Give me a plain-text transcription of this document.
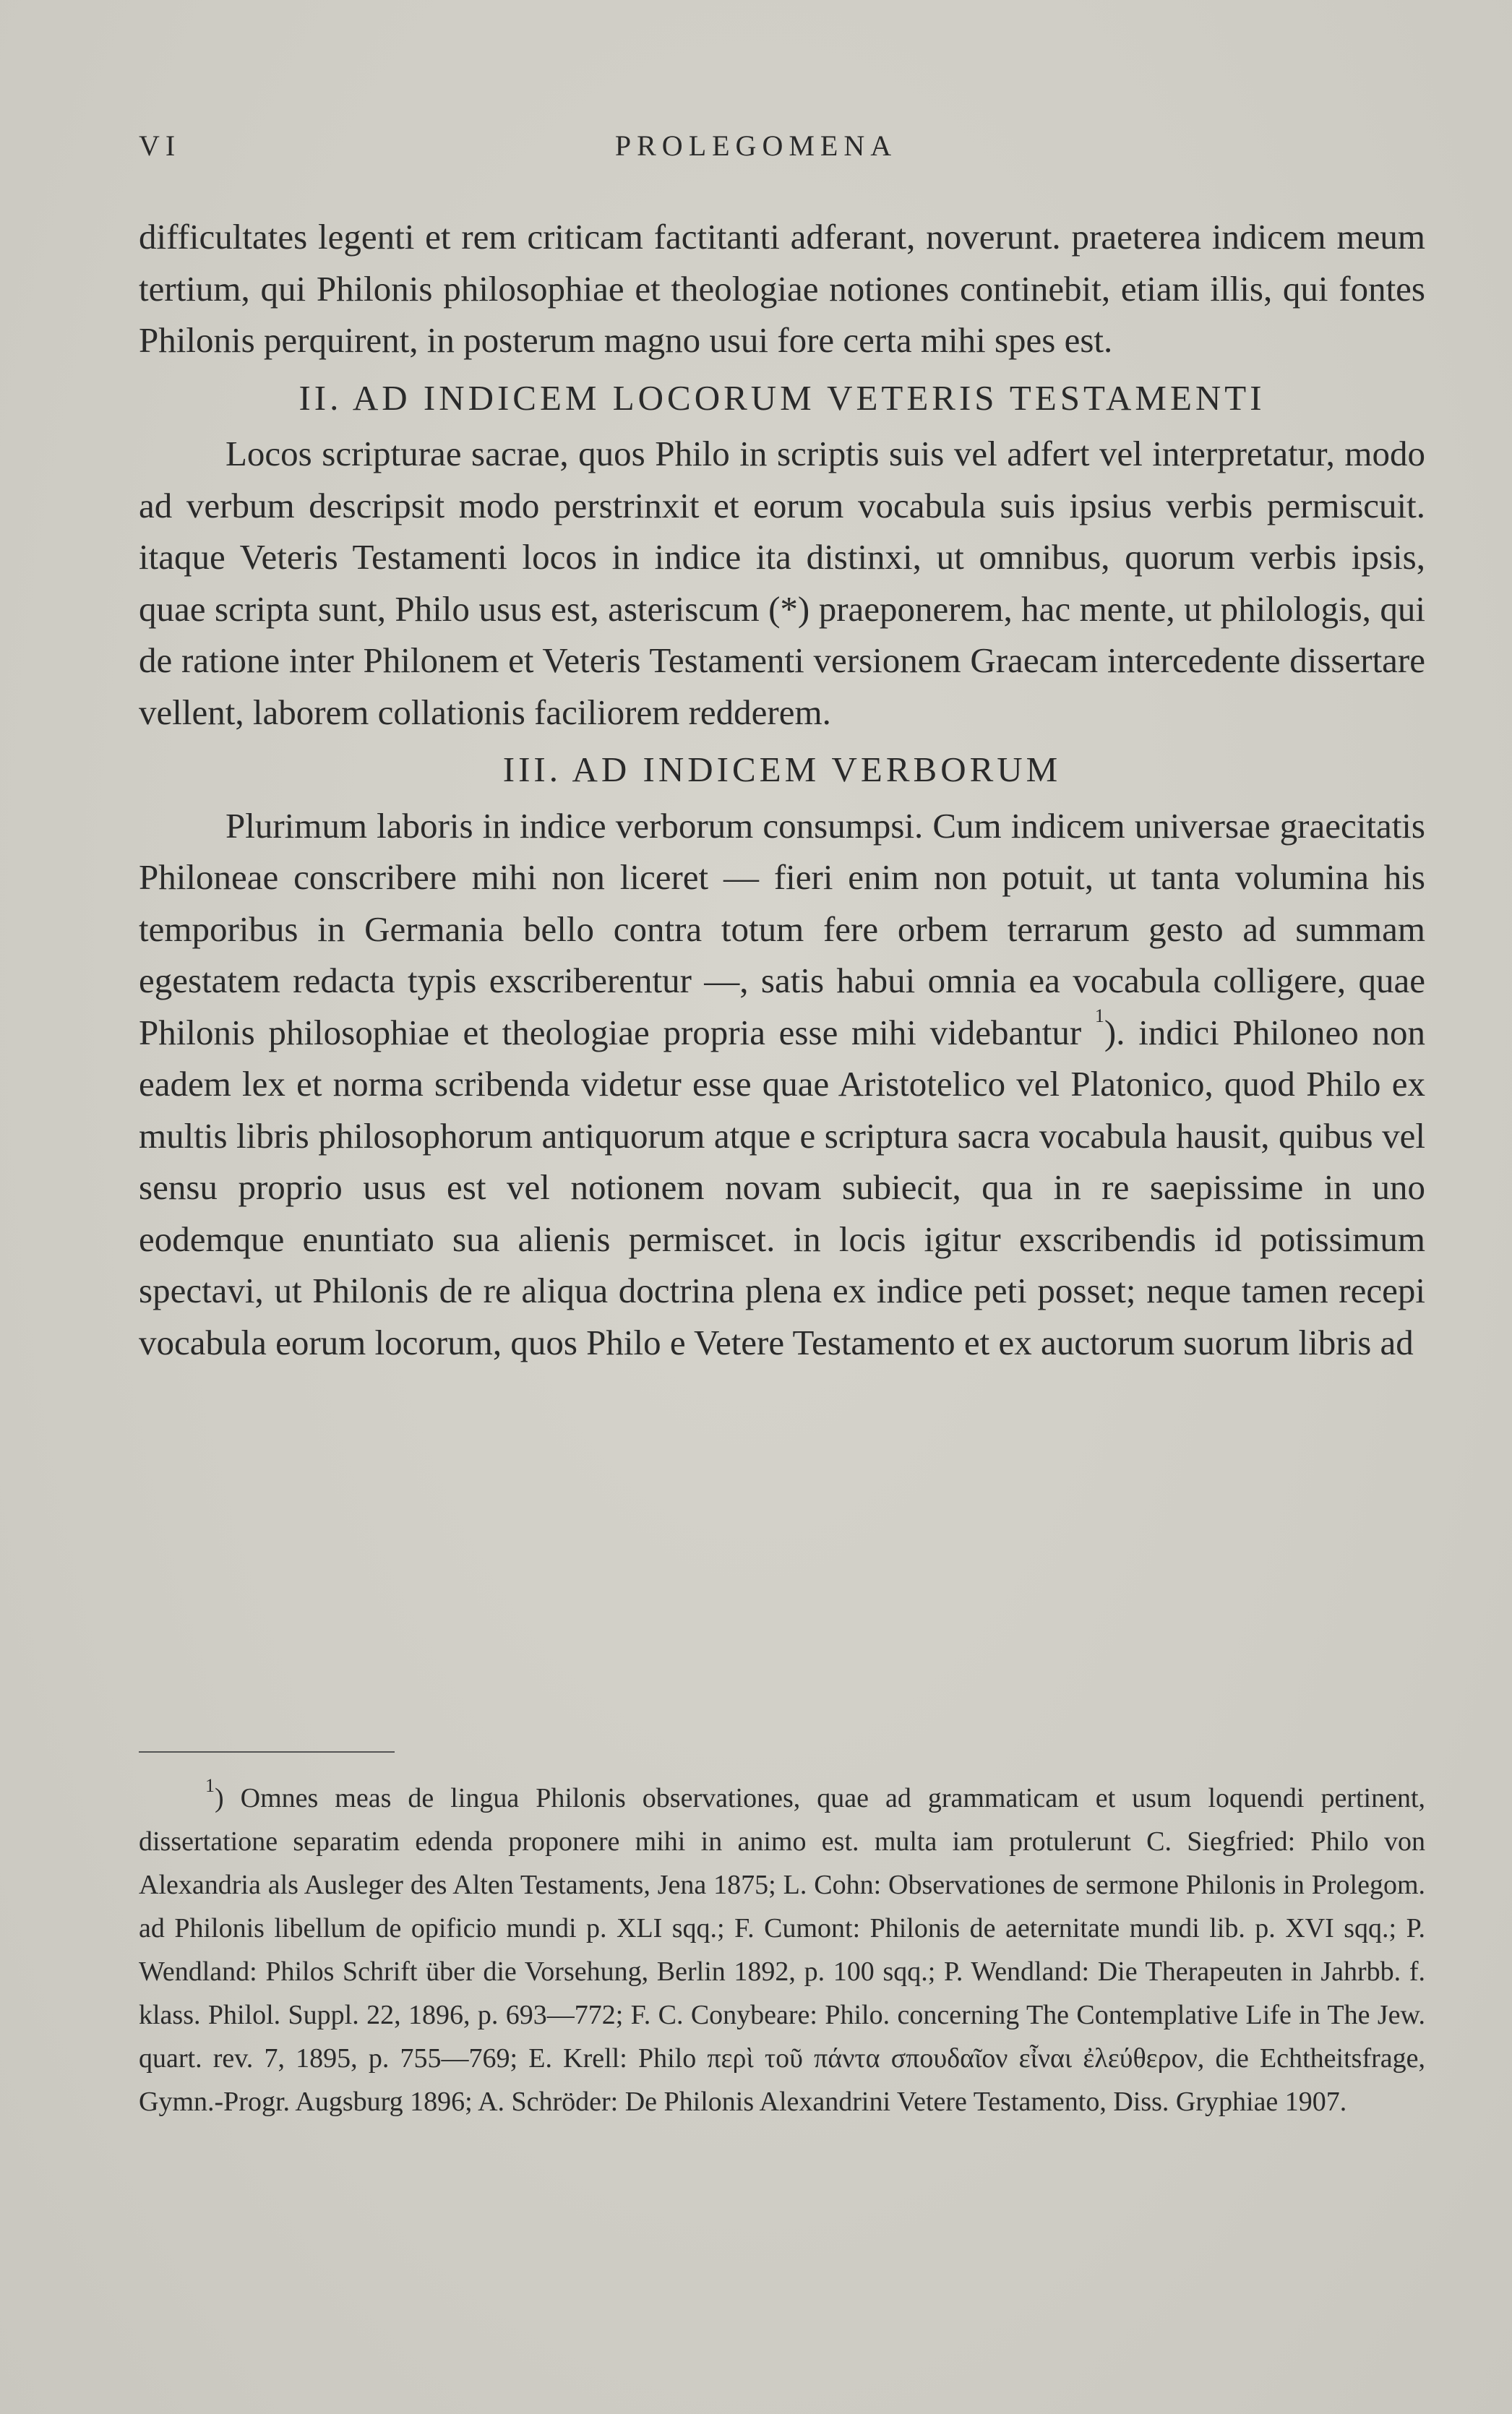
VI	PROLEGOMENA

difficultates legenti et rem criticam factitanti adferant, noverunt. praeterea indicem meum tertium, qui Philonis philosophiae et theologiae notiones continebit, etiam illis, qui fontes Philonis perquirent, in posterum magno usui fore certa mihi spes est.

II. AD INDICEM LOCORUM VETERIS TESTAMENTI

Locos scripturae sacrae, quos Philo in scriptis suis vel adfert vel interpretatur, modo ad verbum descripsit modo perstrinxit et eorum vocabula suis ipsius verbis permiscuit. itaque Veteris Testamenti locos in indice ita distinxi, ut omnibus, quorum verbis ipsis, quae scripta sunt, Philo usus est, asteriscum (*) praeponerem, hac mente, ut philologis, qui de ratione inter Philonem et Veteris Testamenti versionem Graecam intercedente dissertare vellent, laborem collationis faciliorem redderem.

III. AD INDICEM VERBORUM

Plurimum laboris in indice verborum consumpsi. Cum indicem universae graecitatis Philoneae conscribere mihi non liceret — fieri enim non potuit, ut tanta volumina his temporibus in Germania bello contra totum fere orbem terrarum gesto ad summam egestatem redacta typis exscriberentur —, satis habui omnia ea vocabula colligere, quae Philonis philosophiae et theologiae propria esse mihi videbantur $^1$). indici Philoneo non eadem lex et norma scribenda videtur esse quae Aristotelico vel Platonico, quod Philo ex multis libris philosophorum antiquorum atque e scriptura sacra vocabula hausit, quibus vel sensu proprio usus est vel notionem novam subiecit, qua in re saepissime in uno eodemque enuntiato sua alienis permiscet. in locis igitur exscribendis id potissimum spectavi, ut Philonis de re aliqua doctrina plena ex indice peti posset; neque tamen recepi vocabula eorum locorum, quos Philo e Vetere Testamento et ex auctorum suorum libris ad

$^1$) Omnes meas de lingua Philonis observationes, quae ad grammaticam et usum loquendi pertinent, dissertatione separatim edenda proponere mihi in animo est. multa iam protulerunt C. Siegfried: Philo von Alexandria als Ausleger des Alten Testaments, Jena 1875; L. Cohn: Observationes de sermone Philonis in Prolegom. ad Philonis libellum de opificio mundi p. XLI sqq.; F. Cumont: Philonis de aeternitate mundi lib. p. XVI sqq.; P. Wendland: Philos Schrift über die Vorsehung, Berlin 1892, p. 100 sqq.; P. Wendland: Die Therapeuten in Jahrbb. f. klass. Philol. Suppl. 22, 1896, p. 693—772; F. C. Conybeare: Philo. concerning The Contemplative Life in The Jew. quart. rev. 7, 1895, p. 755—769; E. Krell: Philo περὶ τοῦ πάντα σπουδαῖον εἶναι ἐλεύθερον, die Echtheitsfrage, Gymn.-Progr. Augsburg 1896; A. Schröder: De Philonis Alexandrini Vetere Testamento, Diss. Gryphiae 1907.
